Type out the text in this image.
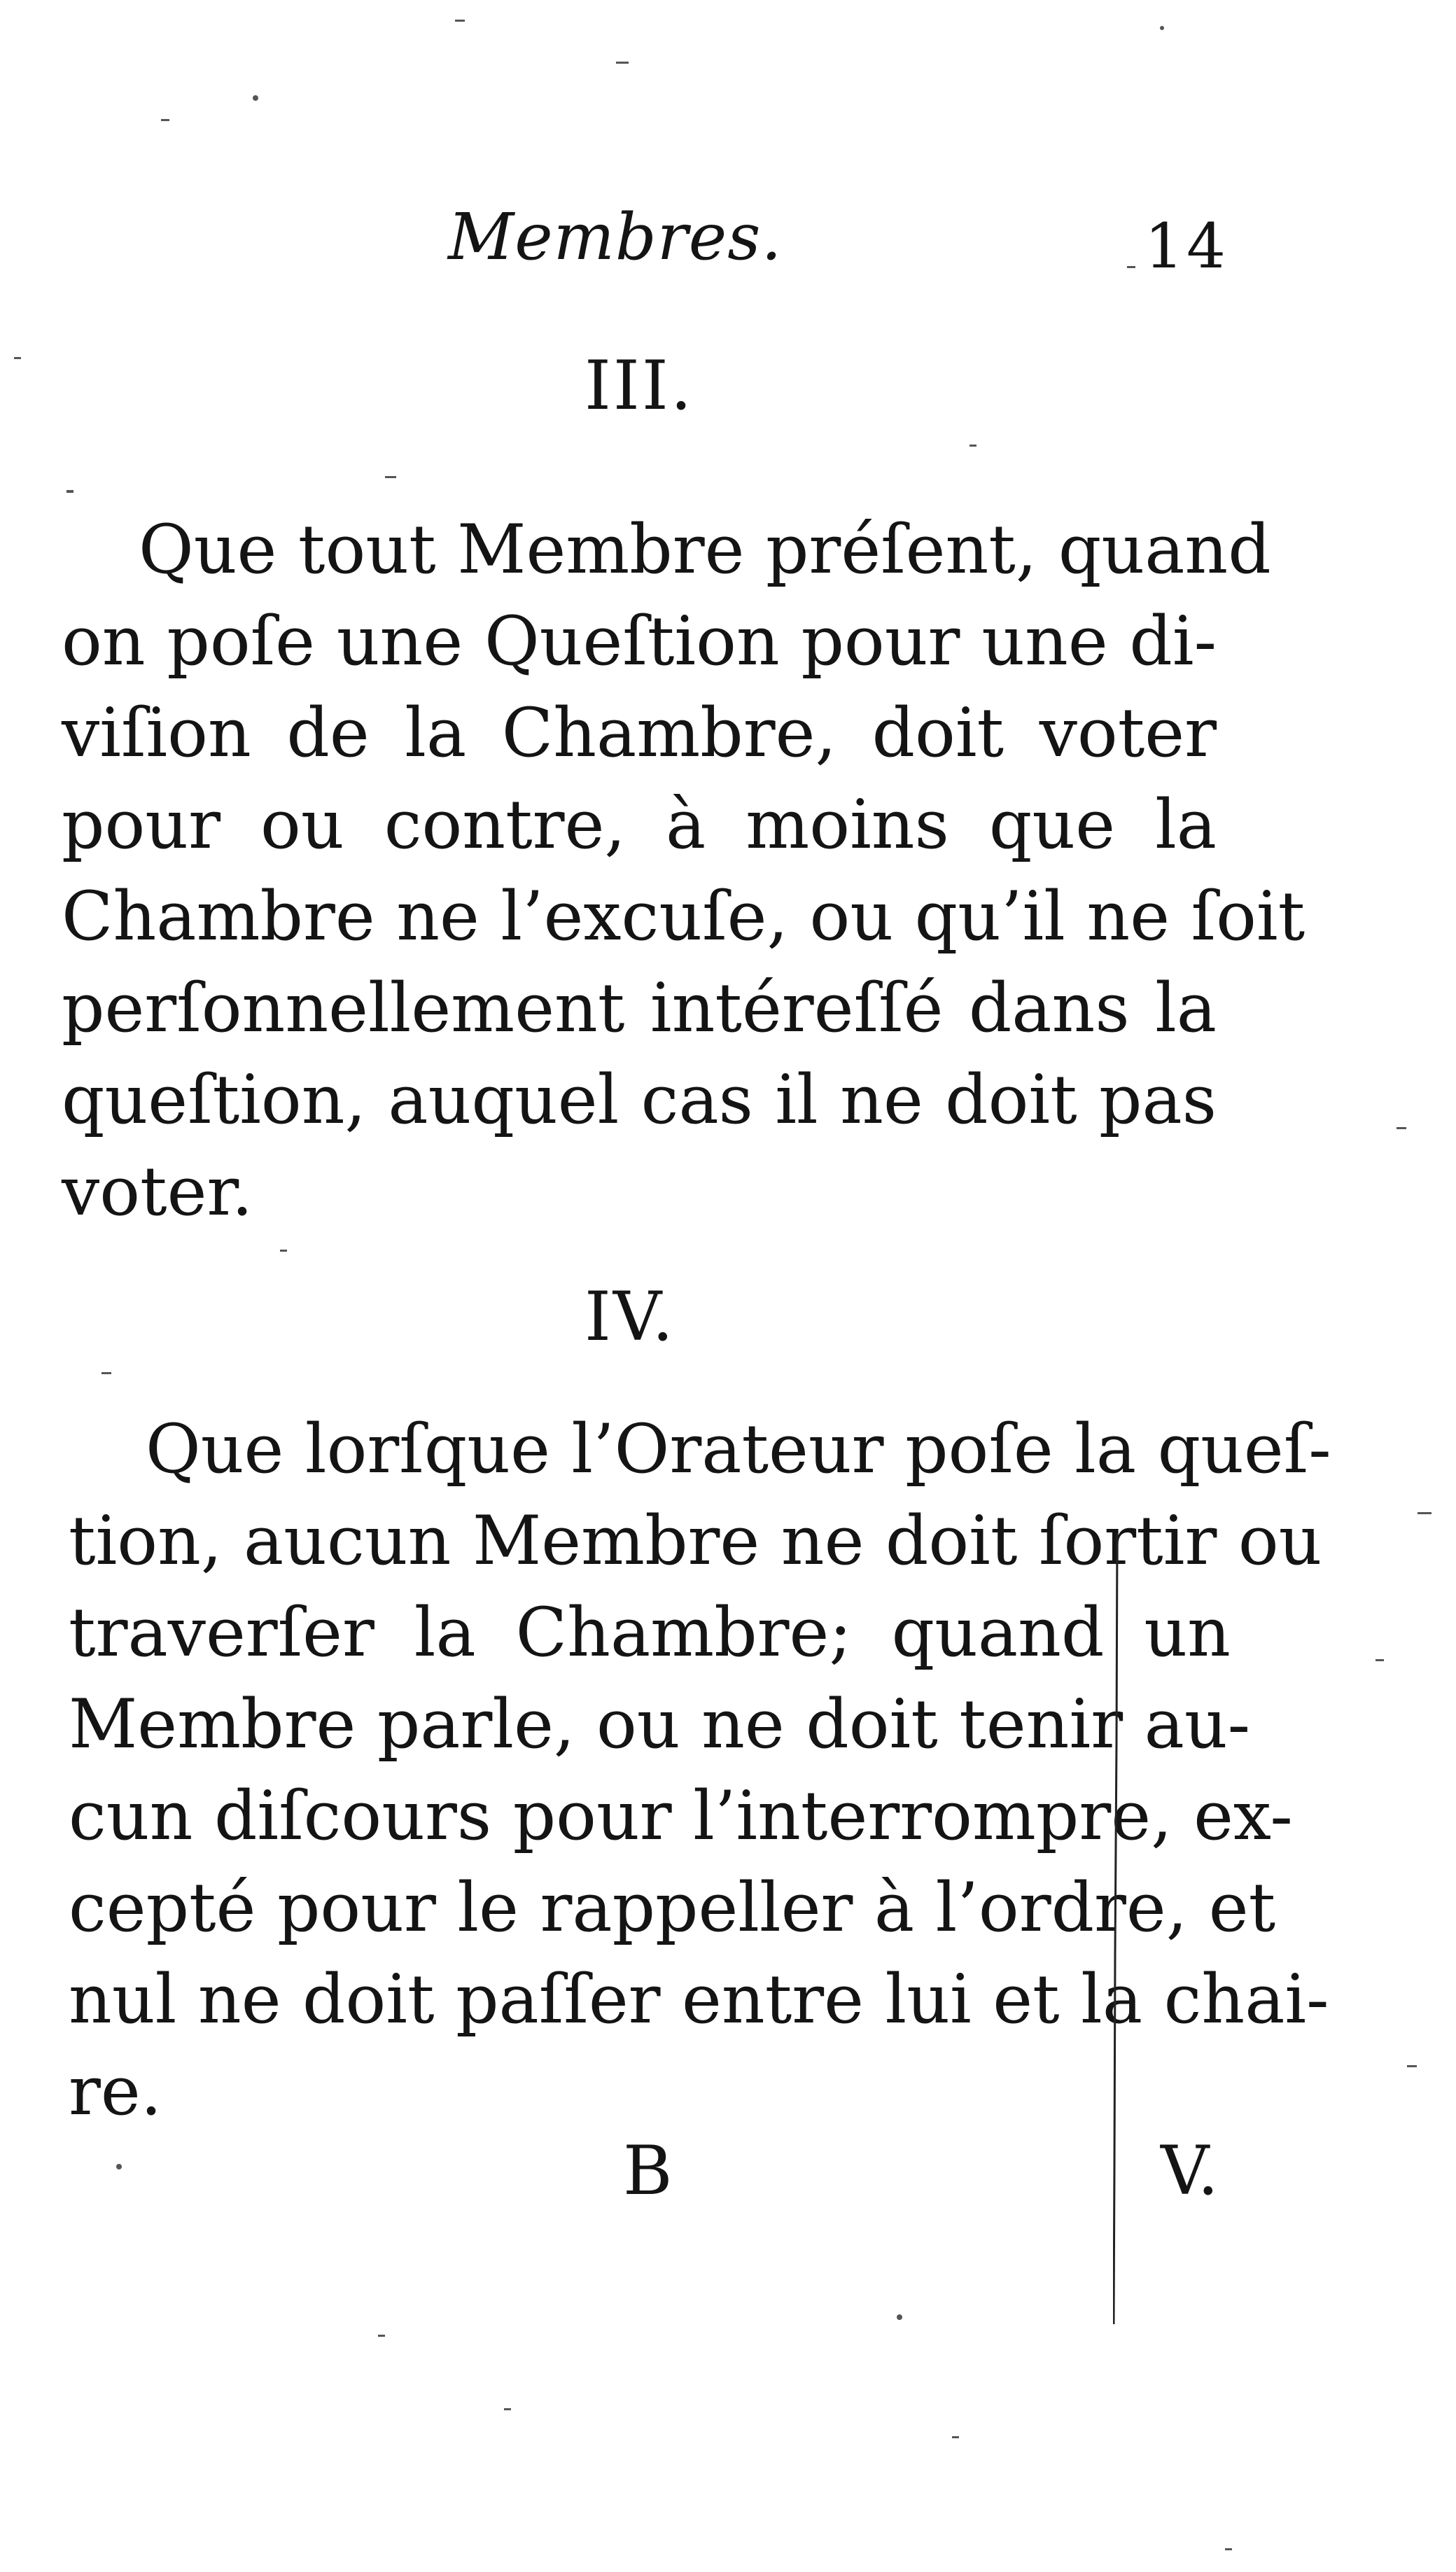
Membres.	14
III.
Que tout Membre préſent, quand
on poſe une Queſtion pour une di-
viſion de la Chambre, doit voter
pour ou contre, à moins que la
Chambre ne l’excuſe, ou qu’il ne ſoit
perſonnellement intéreſſé dans la
queſtion, auquel cas il ne doit pas
voter.
IV.
Que lorſque l’Orateur poſe la queſ-
tion, aucun Membre ne doit ſortir ou
traverſer la Chambre; quand un
Membre parle, ou ne doit tenir au-
cun diſcours pour l’interrompre, ex-
cepté pour le rappeller à l’ordre, et
nul ne doit paſſer entre lui et la chai-
re.
B	V.
